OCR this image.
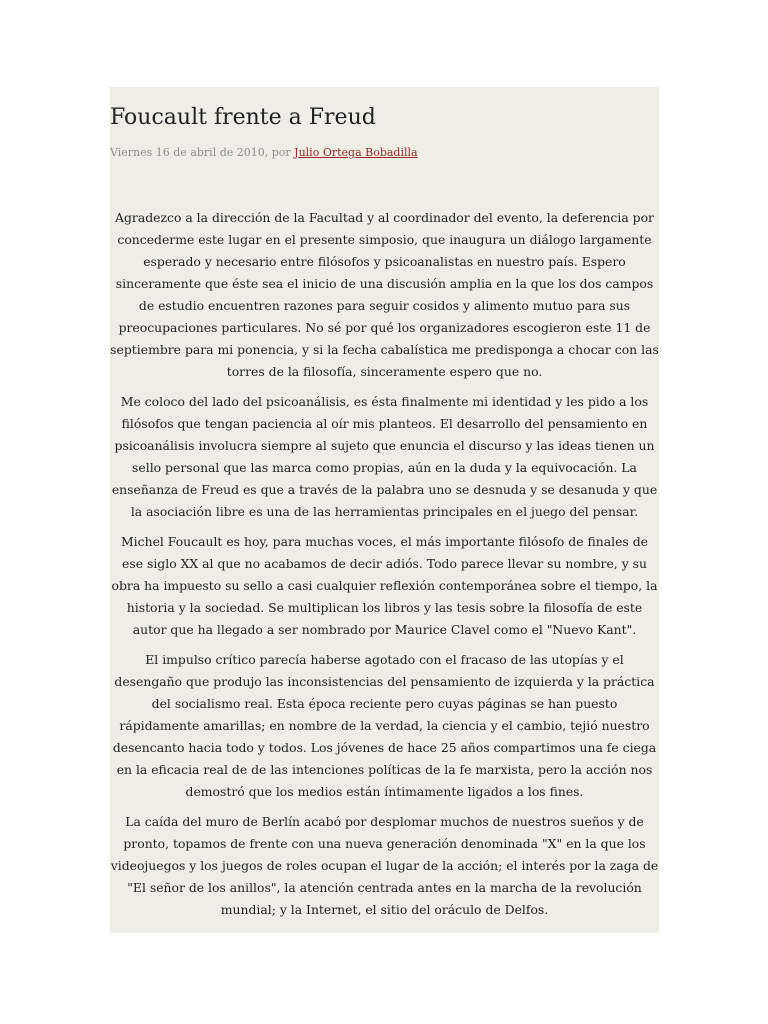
Foucault frente a Freud
Viernes 16 de abril de 2010, por Julio Ortega Bobadilla

Agradezco a la dirección de la Facultad y al coordinador del evento, la deferencia por concederme este lugar en el presente simposio, que inaugura un diálogo largamente esperado y necesario entre filósofos y psicoanalistas en nuestro país. Espero sinceramente que éste sea el inicio de una discusión amplia en la que los dos campos de estudio encuentren razones para seguir cosidos y alimento mutuo para sus preocupaciones particulares. No sé por qué los organizadores escogieron este 11 de septiembre para mi ponencia, y si la fecha cabalística me predisponga a chocar con las torres de la filosofía, sinceramente espero que no.

Me coloco del lado del psicoanálisis, es ésta finalmente mi identidad y les pido a los filósofos que tengan paciencia al oír mis planteos. El desarrollo del pensamiento en psicoanálisis involucra siempre al sujeto que enuncia el discurso y las ideas tienen un sello personal que las marca como propias, aún en la duda y la equivocación. La enseñanza de Freud es que a través de la palabra uno se desnuda y se desanuda y que la asociación libre es una de las herramientas principales en el juego del pensar.

Michel Foucault es hoy, para muchas voces, el más importante filósofo de finales de ese siglo XX al que no acabamos de decir adiós. Todo parece llevar su nombre, y su obra ha impuesto su sello a casi cualquier reflexión contemporánea sobre el tiempo, la historia y la sociedad. Se multiplican los libros y las tesis sobre la filosofía de este autor que ha llegado a ser nombrado por Maurice Clavel como el "Nuevo Kant".

El impulso crítico parecía haberse agotado con el fracaso de las utopías y el desengaño que produjo las inconsistencias del pensamiento de izquierda y la práctica del socialismo real. Esta época reciente pero cuyas páginas se han puesto rápidamente amarillas; en nombre de la verdad, la ciencia y el cambio, tejió nuestro desencanto hacia todo y todos. Los jóvenes de hace 25 años compartimos una fe ciega en la eficacia real de de las intenciones políticas de la fe marxista, pero la acción nos demostró que los medios están íntimamente ligados a los fines.

La caída del muro de Berlín acabó por desplomar muchos de nuestros sueños y de pronto, topamos de frente con una nueva generación denominada "X" en la que los videojuegos y los juegos de roles ocupan el lugar de la acción; el interés por la zaga de "El señor de los anillos", la atención centrada antes en la marcha de la revolución mundial; y la Internet, el sitio del oráculo de Delfos.
